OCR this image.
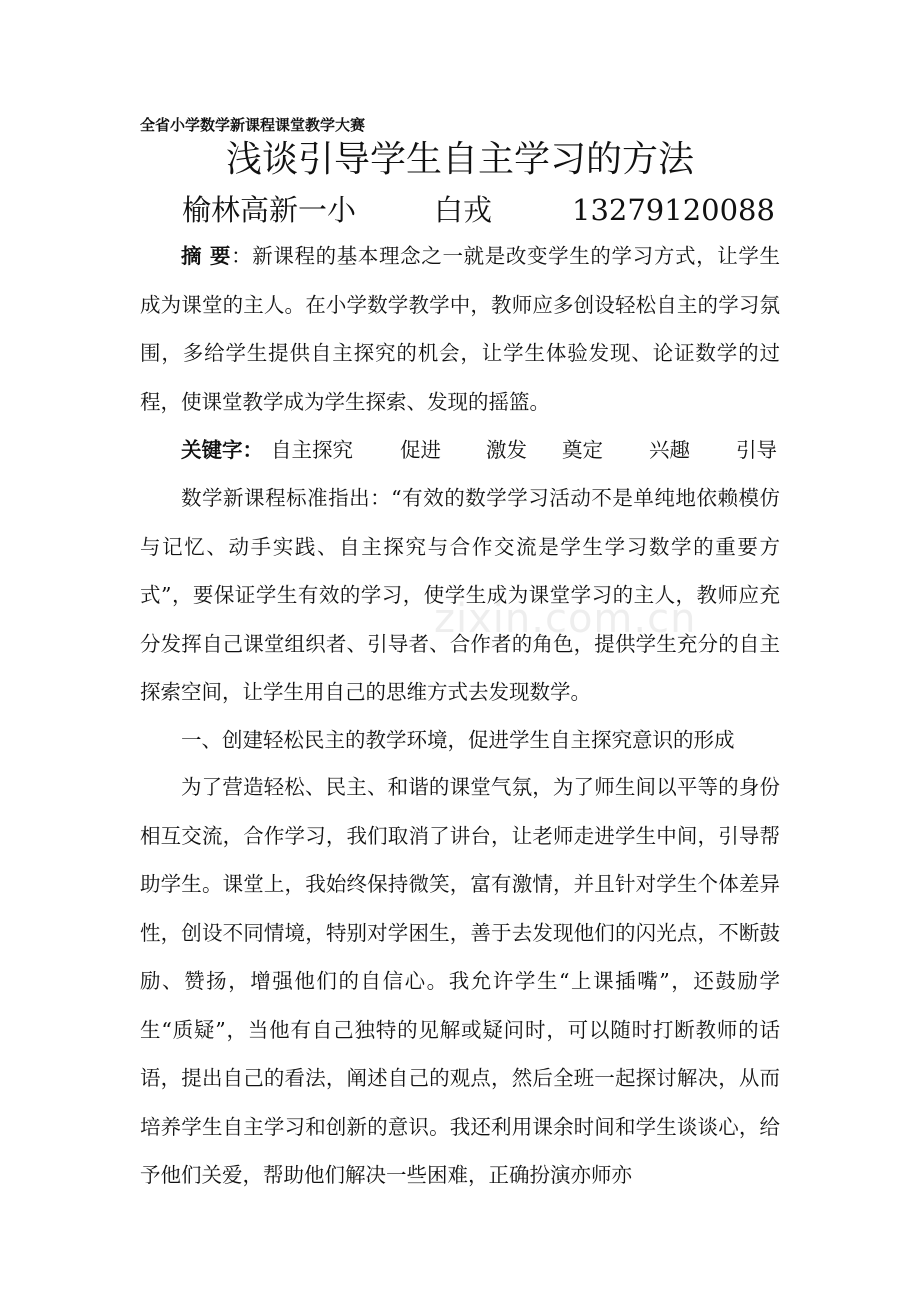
全省小学数学新课程课堂教学大赛
浅谈引导学生自主学习的方法
榆林高新一小	白戎	13279120088

摘 要：新课程的基本理念之一就是改变学生的学习方式，让学生成为课堂的主人。在小学数学教学中，教师应多创设轻松自主的学习氛围，多给学生提供自主探究的机会，让学生体验发现、论证数学的过程，使课堂教学成为学生探索、发现的摇篮。

关键字： 自主探究 促进 激发 奠定 兴趣 引导

数学新课程标准指出：“有效的数学学习活动不是单纯地依赖模仿与记忆、动手实践、自主探究与合作交流是学生学习数学的重要方式”，要保证学生有效的学习，使学生成为课堂学习的主人，教师应充分发挥自己课堂组织者、引导者、合作者的角色，提供学生充分的自主探索空间，让学生用自己的思维方式去发现数学。

一、创建轻松民主的教学环境，促进学生自主探究意识的形成

为了营造轻松、民主、和谐的课堂气氛，为了师生间以平等的身份相互交流，合作学习，我们取消了讲台，让老师走进学生中间，引导帮助学生。课堂上，我始终保持微笑，富有激情，并且针对学生个体差异性，创设不同情境，特别对学困生，善于去发现他们的闪光点，不断鼓励、赞扬，增强他们的自信心。我允许学生“上课插嘴”，还鼓励学生“质疑”，当他有自己独特的见解或疑问时，可以随时打断教师的话语，提出自己的看法，阐述自己的观点，然后全班一起探讨解决，从而培养学生自主学习和创新的意识。我还利用课余时间和学生谈谈心，给予他们关爱，帮助他们解决一些困难，正确扮演亦师亦

zixin.com.cn
